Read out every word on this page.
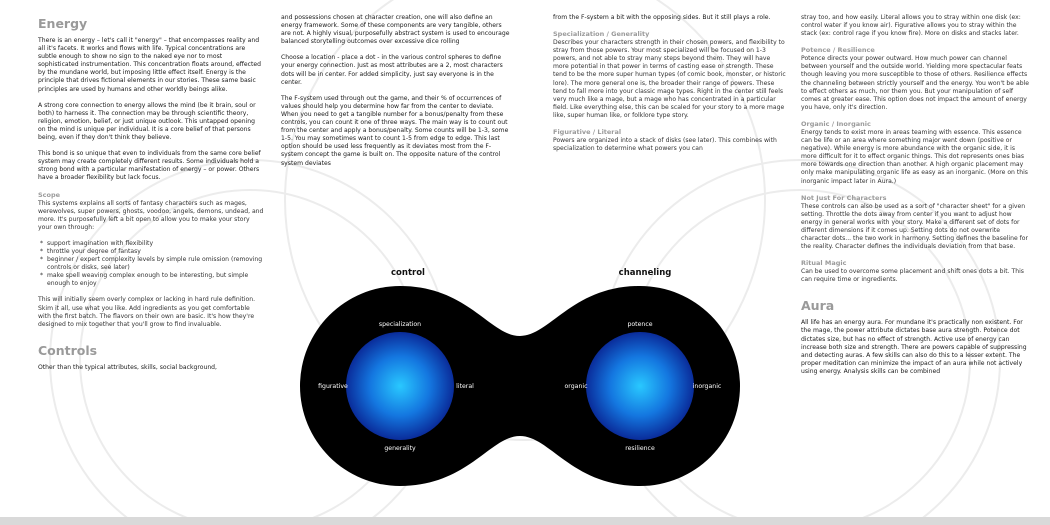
Energy

There is an energy – let's call it "energy" – that encompasses reality and all it's facets. It works and flows with life. Typical concentrations are subtle enough to show no sign to the naked eye nor to most sophisticated instrumentation. This concentration floats around, effected by the mundane world, but imposing little effect itself. Energy is the principle that drives fictional elements in our stories. These same basic principles are used by humans and other worldly beings alike.

A strong core connection to energy allows the mind (be it brain, soul or both) to harness it. The connection may be through scientific theory, religion, emotion, belief, or just unique outlook. This untapped opening on the mind is unique per individual. It is a core belief of that persons being, even if they don't think they believe.

This bond is so unique that even to individuals from the same core belief system may create completely different results. Some individuals hold a strong bond with a particular manifestation of energy – or power. Others have a broader flexibility but lack focus.

Scope

This systems explains all sorts of fantasy characters such as mages, werewolves, super powers, ghosts, voodoo, angels, demons, undead, and more. It's purposefully left a bit open to allow you to make your story your own through:

* support imagination with flexibility
* throttle your degree of fantasy
* beginner / expert complexity levels by simple rule omission (removing controls or disks, see later)
* make spell weaving complex enough to be interesting, but simple enough to enjoy

This will initially seem overly complex or lacking in hard rule definition. Skim it all, use what you like. Add ingredients as you get comfortable with the first batch. The flavors on their own are basic. It's how they're designed to mix together that you'll grow to find invaluable.

Controls

Other than the typical attributes, skills, social background,

and possessions chosen at character creation, one will also define an energy framework. Some of these components are very tangible, others are not. A highly visual, purposefully abstract system is used to encourage balanced storytelling outcomes over excessive dice rolling

Choose a location - place a dot - in the various control spheres to define your energy connection. Just as most attributes are a 2, most characters dots will be in center. For added simplicity, just say everyone is in the center.

The F-system used through out the game, and their % of occurrences of values should help you determine how far from the center to deviate. When you need to get a tangible number for a bonus/penalty from these controls, you can count it one of three ways. The main way is to count out from the center and apply a bonus/penalty. Some counts will be 1-3, some 1-5. You may sometimes want to count 1-5 from edge to edge. This last option should be used less frequently as it deviates most from the F-system concept the game is built on. The opposite nature of the control system deviates

from the F-system a bit with the opposing sides. But it still plays a role.

Specialization / Generality

Describes your characters strength in their chosen powers, and flexibility to stray from those powers. Your most specialized will be focused on 1-3 powers, and not able to stray many steps beyond them. They will have more potential in that power in terms of casting ease or strength. These tend to be the more super human types (of comic book, monster, or historic lore). The more general one is, the broader their range of powers. These tend to fall more into your classic mage types. Right in the center still feels very much like a mage, but a mage who has concentrated in a particular field. Like everything else, this can be scaled for your story to a more mage like, super human like, or folklore type story.

Figurative / Literal

Powers are organized into a stack of disks (see later). This combines with specialization to determine what powers you can

stray too, and how easily. Literal allows you to stray within one disk (ex: control water if you know air). Figurative allows you to stray within the stack (ex: control rage if you know fire). More on disks and stacks later.

Potence / Resilience

Potence directs your power outward. How much power can channel between yourself and the outside world. Yielding more spectacular feats though leaving you more susceptible to those of others. Resilience effects the channeling between strictly yourself and the energy. You won't be able to effect others as much, nor them you. But your manipulation of self comes at greater ease. This option does not impact the amount of energy you have, only it's direction.

Organic / Inorganic

Energy tends to exist more in areas teaming with essence. This essence can be life or an area where something major went down (positive or negative). While energy is more abundance with the organic side, it is more difficult for it to effect organic things. This dot represents ones bias more towards one direction than another. A high organic placement may only make manipulating organic life as easy as an inorganic. (More on this inorganic impact later in Aura.)

Not Just For Characters

These controls can also be used as a sort of "character sheet" for a given setting. Throttle the dots away from center if you want to adjust how energy in general works with your story. Make a different set of dots for different dimensions if it comes up. Setting dots do not overwrite character dots... the two work in harmony. Setting defines the baseline for the reality. Character defines the individuals deviation from that base.

Ritual Magic

Can be used to overcome some placement and shift ones dots a bit. This can require time or ingredients.

Aura

All life has an energy aura. For mundane it's practically non existent. For the mage, the power attribute dictates base aura strength. Potence dot dictates size, but has no effect of strength. Active use of energy can increase both size and strength. There are powers capable of suppressing and detecting auras. A few skills can also do this to a lesser extent. The proper meditation can minimize the impact of an aura while not actively using energy. Analysis skills can be combined

control	channeling
specialization
generality
figurative	literal
potence
resilience
organic	inorganic
